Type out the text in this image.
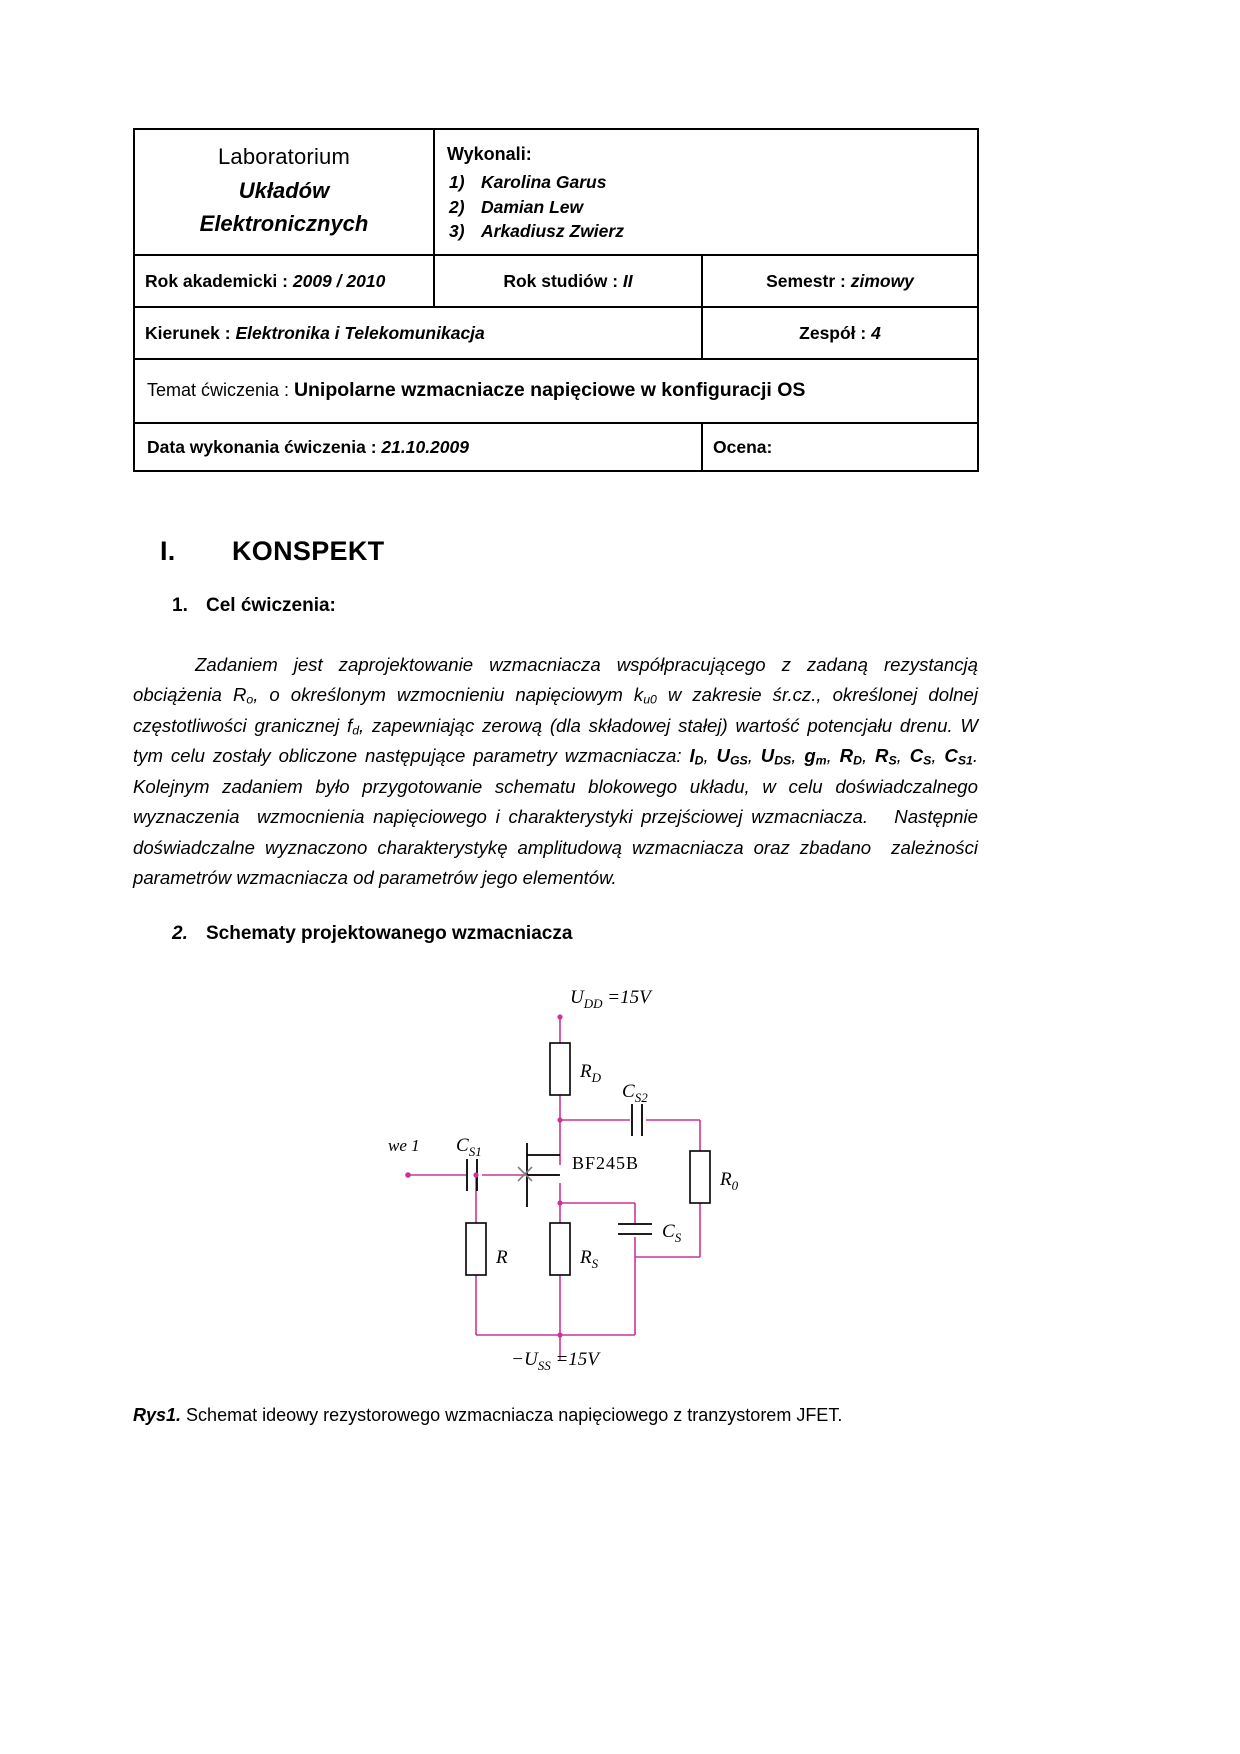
Laboratorium
Układów
Elektronicznych

Wykonali:
1) Karolina Garus
2) Damian Lew
3) Arkadiusz Zwierz

Rok akademicki : 2009 / 2010	Rok studiów : II	Semestr : zimowy
Kierunek : Elektronika i Telekomunikacja		Zespół : 4
Temat ćwiczenia : Unipolarne wzmacniacze napięciowe w konfiguracji OS		
Data wykonania ćwiczenia : 21.10.2009		Ocena:
I. KONSPEKT
1. Cel ćwiczenia:
Zadaniem jest zaprojektowanie wzmacniacza współpracującego z zadaną rezystancją obciążenia $R_o$, o określonym wzmocnieniu napięciowym $k_{u0}$ w zakresie śr.cz., określonej dolnej częstotliwości granicznej $f_d$, zapewniając zerową (dla składowej stałej) wartość potencjału drenu. W tym celu zostały obliczone następujące parametry wzmacniacza: $I_D$, $U_{GS}$, $U_{DS}$, $g_m$, $R_D$, $R_S$, $C_S$, $C_{S1}$. Kolejnym zadaniem było przygotowanie schematu blokowego układu, w celu doświadczalnego wyznaczenia  wzmocnienia napięciowego i charakterystyki przejściowej wzmacniacza.   Następnie doświadczalne wyznaczono charakterystykę amplitudową wzmacniacza oraz zbadano  zależności parametrów wzmacniacza od parametrów jego elementów.
2. Schematy projektowanego wzmacniacza
$U_{DD} =15V$
$-U_{SS} =15V$
$R_D$
$R_0$
R	$R_S$
$C_S$
$C_{S1}$
$C_{S2}$
BF245B
we 1
Rys1. Schemat ideowy rezystorowego wzmacniacza napięciowego z tranzystorem JFET.
